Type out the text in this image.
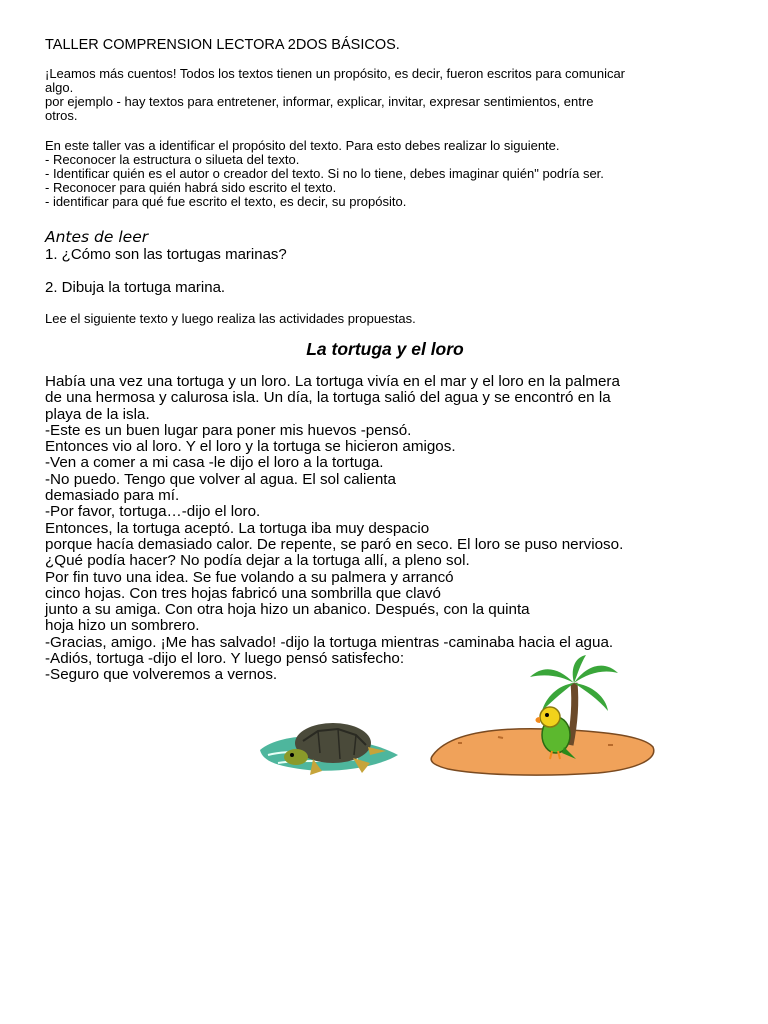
TALLER COMPRENSION LECTORA 2DOS BÁSICOS.
¡Leamos más cuentos! Todos los textos tienen un propósito, es decir, fueron escritos para comunicar
algo.
por ejemplo - hay textos para entretener, informar, explicar, invitar, expresar sentimientos, entre
otros.
En este taller vas a identificar el propósito del texto. Para esto debes realizar lo siguiente.
- Reconocer la estructura o silueta del texto.
- Identificar quién es el autor o creador del texto. Si no lo tiene, debes imaginar quién" podría ser.
- Reconocer para quién habrá sido escrito el texto.
- identificar para qué fue escrito el texto, es decir, su propósito.
Antes de leer
1. ¿Cómo son las tortugas marinas?
2. Dibuja la tortuga marina.
Lee el siguiente texto y luego realiza las actividades propuestas.
La tortuga y el loro
Había una vez una tortuga y un loro. La tortuga vivía en el mar y el loro en la palmera
de una hermosa y calurosa isla. Un día, la tortuga salió del agua y se encontró en la
playa de la isla.
-Este es un buen lugar para poner mis huevos -pensó.
Entonces vio al loro. Y el loro y la tortuga se hicieron amigos.
-Ven a comer a mi casa -le dijo el loro a la tortuga.
-No puedo. Tengo que volver al agua. El sol calienta
demasiado para mí.
-Por favor, tortuga…-dijo el loro.
Entonces, la tortuga aceptó. La tortuga iba muy despacio
porque hacía demasiado calor. De repente, se paró en seco. El loro se puso nervioso.
¿Qué podía hacer? No podía dejar a la tortuga allí, a pleno sol.
Por fin tuvo una idea. Se fue volando a su palmera y arrancó
cinco hojas. Con tres hojas fabricó una sombrilla que clavó
junto a su amiga. Con otra hoja hizo un abanico. Después, con la quinta
hoja hizo un sombrero.
-Gracias, amigo. ¡Me has salvado! -dijo la tortuga mientras -caminaba hacia el agua.
-Adiós, tortuga -dijo el loro. Y luego pensó satisfecho:
-Seguro que volveremos a vernos.
